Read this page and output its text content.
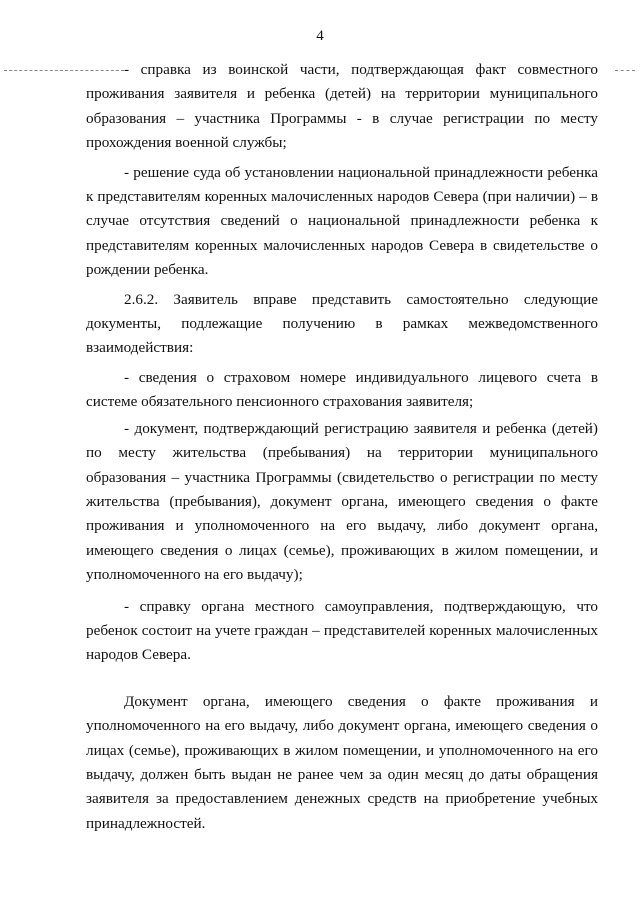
4

- справка из воинской части, подтверждающая факт совместного проживания заявителя и ребенка (детей) на территории муниципального образования – участника Программы - в случае регистрации по месту прохождения военной службы;

- решение суда об установлении национальной принадлежности ребенка к представителям коренных малочисленных народов Севера (при наличии) – в случае отсутствия сведений о национальной принадлежности ребенка к представителям коренных малочисленных народов Севера в свидетельстве о рождении ребенка.

2.6.2. Заявитель вправе представить самостоятельно следующие документы, подлежащие получению в рамках межведомственного взаимодействия:

- сведения о страховом номере индивидуального лицевого счета в системе обязательного пенсионного страхования заявителя;

- документ, подтверждающий регистрацию заявителя и ребенка (детей) по месту жительства (пребывания) на территории муниципального образования – участника Программы (свидетельство о регистрации по месту жительства (пребывания), документ органа, имеющего сведения о факте проживания и уполномоченного на его выдачу, либо документ органа, имеющего сведения о лицах (семье), проживающих в жилом помещении, и уполномоченного на его выдачу);

- справку органа местного самоуправления, подтверждающую, что ребенок состоит на учете граждан – представителей коренных малочисленных народов Севера.

Документ органа, имеющего сведения о факте проживания и уполномоченного на его выдачу, либо документ органа, имеющего сведения о лицах (семье), проживающих в жилом помещении, и уполномоченного на его выдачу, должен быть выдан не ранее чем за один месяц до даты обращения заявителя за предоставлением денежных средств на приобретение учебных принадлежностей.
